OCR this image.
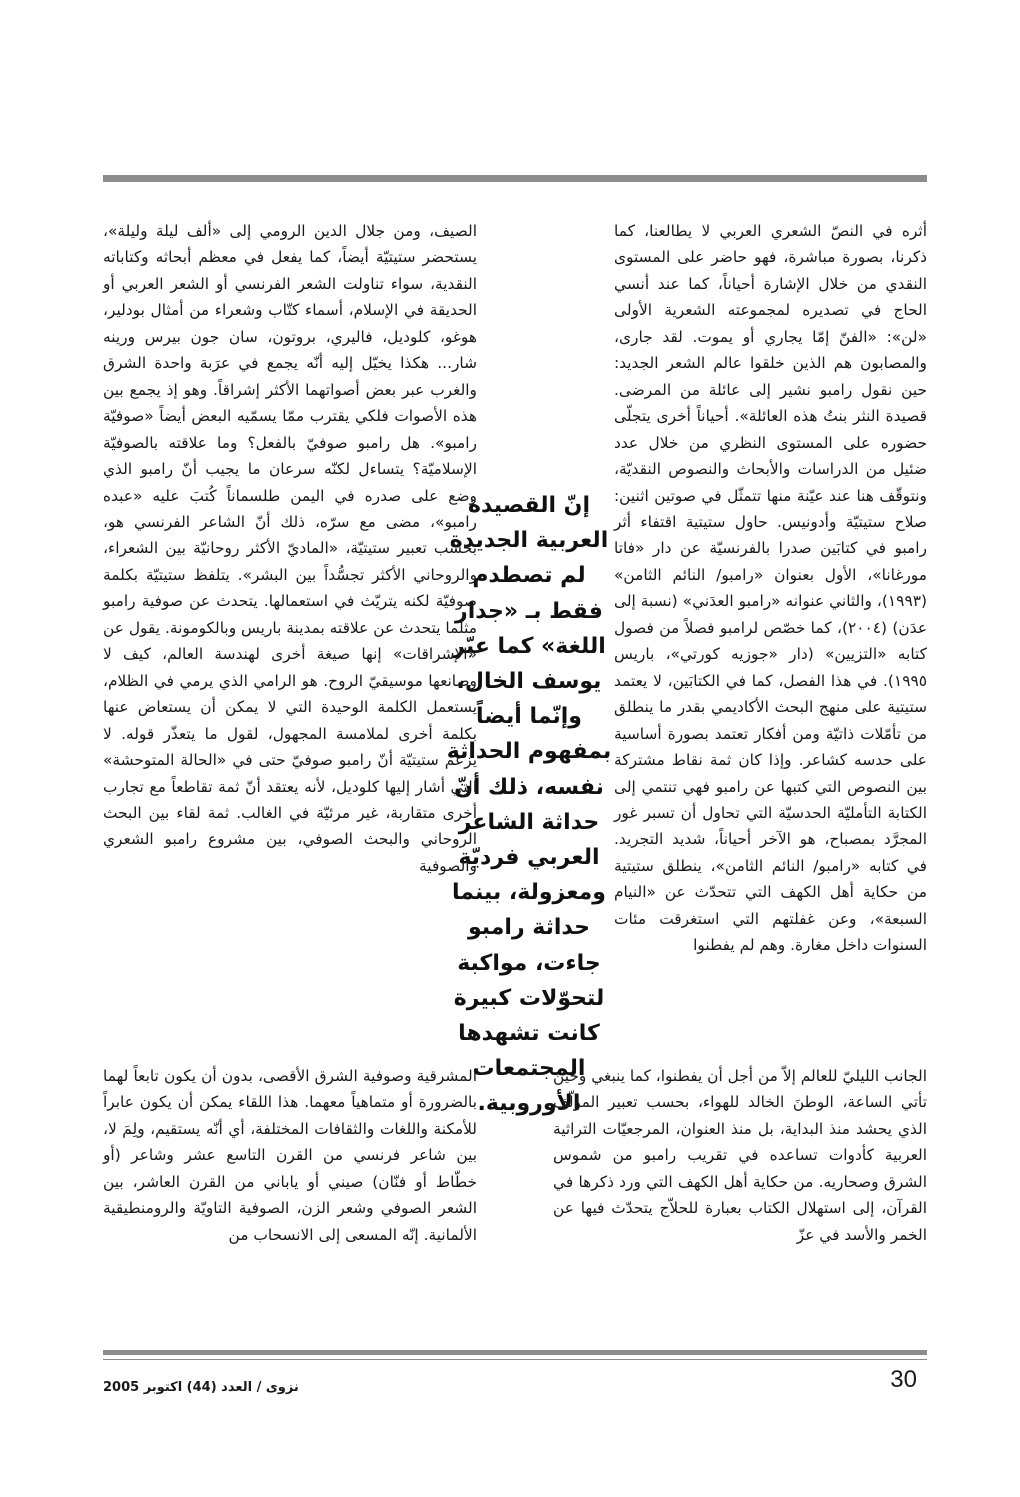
أثره في النصّ الشعري العربي لا يطالعنا، كما ذكرنا، بصورة مباشرة، فهو حاضر على المستوى النقدي من خلال الإشارة أحياناً، كما عند أنسي الحاج في تصديره لمجموعته الشعرية الأولى «لن»: «الفنّ إمّا يجاري أو يموت. لقد جارى، والمصابون هم الذين خلقوا عالم الشعر الجديد: حين نقول رامبو نشير إلى عائلة من المرضى. قصيدة النثر بنتُ هذه العائلة». أحياناً أخرى يتجلّى حضوره على المستوى النظري من خلال عدد ضئيل من الدراسات والأبحاث والنصوص النقديّة، ونتوقّف هنا عند عيّنة منها تتمثّل في صوتين اثنين: صلاح ستيتيّة وأدونيس. حاول ستيتية اقتفاء أثر رامبو في كتابَين صدرا بالفرنسيّة عن دار «فاتا مورغانا»، الأول بعنوان «رامبو/ النائم الثامن» (١٩٩٣)، والثاني عنوانه «رامبو العدَني» (نسبة إلى عدَن) (٢٠٠٤)، كما خصّص لرامبو فصلاً من فصول كتابه «التزيين» (دار «جوزيه كورتي»، باريس ١٩٩٥). في هذا الفصل، كما في الكتابَين، لا يعتمد ستيتية على منهج البحث الأكاديمي بقدر ما ينطلق من تأمّلات ذاتيّة ومن أفكار تعتمد بصورة أساسية على حدسه كشاعر. وإذا كان ثمة نقاط مشتركة بين النصوص التي كتبها عن رامبو فهي تنتمي إلى الكتابة التأمليّة الحدسيّة التي تحاول أن تسبر غور المجرَّد بمصباح، هو الآخر أحياناً، شديد التجريد. في كتابه «رامبو/ النائم الثامن»، ينطلق ستيتية من حكاية أهل الكهف التي تتحدّث عن «النيام السبعة»، وعن غفلتهم التي استغرقت مئات السنوات داخل مغارة. وهم لم يفطنوا

إنّ القصيدة العربية الجديدة لم تصطدم فقط بـ «جدار اللغة» كما عبّر يوسف الخال، وإنّما أيضاً بمفهوم الحداثة نفسه، ذلك أنّ حداثة الشاعر العربي فرديّة ومعزولة، بينما حداثة رامبو جاءت، مواكبة لتحوّلات كبيرة كانت تشهدها المجتمعات الأوروبية.

الصيف، ومن جلال الدين الرومي إلى «ألف ليلة وليلة»، يستحضر ستيتيّة أيضاً، كما يفعل في معظم أبحاثه وكتاباته النقدية، سواء تناولت الشعر الفرنسي أو الشعر العربي أو الحديقة في الإسلام، أسماء كتّاب وشعراء من أمثال بودلير، هوغو، كلوديل، فاليري، بروتون، سان جون بيرس ورينه شار... هكذا يخيّل إليه أنّه يجمع في عرَبة واحدة الشرق والغرب عبر بعض أصواتهما الأكثر إشراقاً. وهو إذ يجمع بين هذه الأصوات فلكي يقترب ممّا يسمّيه البعض أيضاً «صوفيّة رامبو». هل رامبو صوفيّ بالفعل؟ وما علاقته بالصوفيّة الإسلاميّة؟ يتساءل لكنّه سرعان ما يجيب أنّ رامبو الذي وضع على صدره في اليمن طلسماناً كُتبَ عليه «عبده رامبو»، مضى مع سرّه، ذلك أنّ الشاعر الفرنسي هو، بحسب تعبير ستيتيّة، «الماديّ الأكثر روحانيّة بين الشعراء، والروحاني الأكثر تجسُّداً بين البشر». يتلفظ ستيتيّة بكلمة صوفيّة لكنه يتريّث في استعمالها. يتحدث عن صوفية رامبو مثلما يتحدث عن علاقته بمدينة باريس وبالكومونة. يقول عن «الإشراقات» إنها صيغة أخرى لهندسة العالم، كيف لا وصانعها موسيقيّ الروح. هو الرامي الذي يرمي في الظلام، يستعمل الكلمة الوحيدة التي لا يمكن أن يستعاض عنها بكلمة أخرى لملامسة المجهول، لقول ما يتعذّر قوله. لا يزعم ستيتيّة أنّ رامبو صوفيّ حتى في «الحالة المتوحشة» التي أشار إليها كلوديل، لأنه يعتقد أنّ ثمة تقاطعاً مع تجارب أخرى متقاربة، غير مرئيّة في الغالب. ثمة لقاء بين البحث الروحاني والبحث الصوفي، بين مشروع رامبو الشعري والصوفية

الجانب الليليّ للعالم إلاّ من أجل أن يفطنوا، كما ينبغي وحين تأتي الساعة، الوطنَ الخالد للهواء، بحسب تعبير المؤلّف الذي يحشد منذ البداية، بل منذ العنوان، المرجعيّات التراثية العربية كأدوات تساعده في تقريب رامبو من شموس الشرق وصحاريه. من حكاية أهل الكهف التي ورد ذكرها في القرآن، إلى استهلال الكتاب بعبارة للحلاّج يتحدّث فيها عن الخمر والأسد في عزّ

المشرقية وصوفية الشرق الأقصى، بدون أن يكون تابعاً لهما بالضرورة أو متماهياً معهما. هذا اللقاء يمكن أن يكون عابراً للأمكنة واللغات والثقافات المختلفة، أي أنّه يستقيم، ولِمَ لا، بين شاعر فرنسي من القرن التاسع عشر وشاعر (أو خطّاط أو فنّان) صيني أو ياباني من القرن العاشر، بين الشعر الصوفي وشعر الزن، الصوفية التاويّة والرومنطيقية الألمانية. إنّه المسعى إلى الانسحاب من

نزوى / العدد (44) اكتوبر 2005	30
